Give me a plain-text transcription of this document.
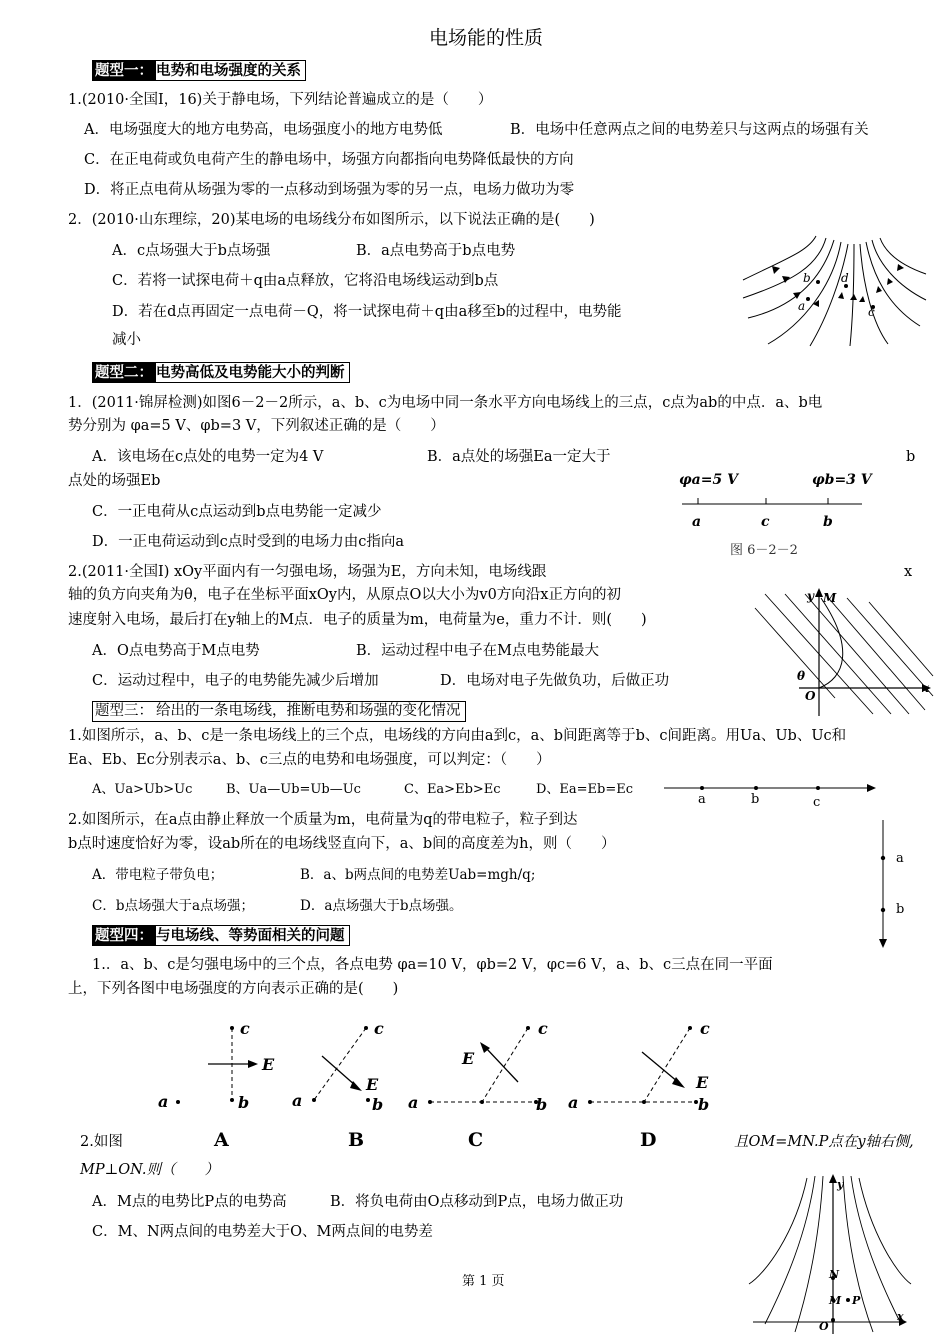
电场能的性质
题型一： 电势和电场强度的关系
1.(2010·全国Ⅰ，16)关于静电场，下列结论普遍成立的是（　　）
A．电场强度大的地方电势高，电场强度小的地方电势低	B．电场中任意两点之间的电势差只与这两点的场强有关
C．在正电荷或负电荷产生的静电场中，场强方向都指向电势降低最快的方向
D．将正点电荷从场强为零的一点移动到场强为零的另一点，电场力做功为零
2．(2010·山东理综，20)某电场的电场线分布如图所示，以下说法正确的是(　　)
A．c点场强大于b点场强	B．a点电势高于b点电势
C．若将一试探电荷＋q由a点释放，它将沿电场线运动到b点
D．若在d点再固定一点电荷－Q，将一试探电荷＋q由a移至b的过程中，电势能
减小
b	d
a	c
题型二： 电势高低及电势能大小的判断
1．(2011·锦屏检测)如图6－2－2所示，a、b、c为电场中同一条水平方向电场线上的三点，c点为ab的中点．a、b电
势分别为 φa=5 V、φb=3 V，下列叙述正确的是（　　）
A．该电场在c点处的电势一定为4 V	B．a点处的场强Ea一定大于	b
点处的场强Eb
C．一正电荷从c点运动到b点电势能一定减少
D．一正电荷运动到c点时受到的电场力由c指向a
φa=5 V	φb=3 V
a	c	b
图 6－2－2
2.(2011·全国Ⅰ) xOy平面内有一匀强电场，场强为E，方向未知，电场线跟	x
轴的负方向夹角为θ，电子在坐标平面xOy内，从原点O以大小为v0方向沿x正方向的初
速度射入电场，最后打在y轴上的M点．电子的质量为m，电荷量为e，重力不计．则(　　)
A．O点电势高于M点电势	B．运动过程中电子在M点电势能最大
C．运动过程中，电子的电势能先减少后增加	D．电场对电子先做负功，后做正功
y M
θ
O
x
题型三： 给出的一条电场线，推断电势和场强的变化情况
1.如图所示，a、b、c是一条电场线上的三个点，电场线的方向由a到c，a、b间距离等于b、c间距离。用Ua、Ub、Uc和
Ea、Eb、Ec分别表示a、b、c三点的电势和电场强度，可以判定：（　　）
A、Ua>Ub>Uc	B、Ua—Ub=Ub—Uc	C、Ea>Eb>Ec	D、Ea=Eb=Ec
a	b	c
2.如图所示，在a点由静止释放一个质量为m，电荷量为q的带电粒子，粒子到达
b点时速度恰好为零，设ab所在的电场线竖直向下，a、b间的高度差为h，则（　　）
A．带电粒子带负电；	B．a、b两点间的电势差Uab=mgh/q;
C．b点场强大于a点场强；	D．a点场强大于b点场强。
a
b
题型四： 与电场线、等势面相关的问题
1.．a、b、c是匀强电场中的三个点，各点电势 φa=10 V，φb=2 V，φc=6 V，a、b、c三点在同一平面
上，下列各图中电场强度的方向表示正确的是(　　)
c
E
a	b
A
c
E
a	b
B
c
E
a	b
C
c
E
a	b
D
2.如图	且OM=MN.P点在y轴右侧,
MP⊥ON.则（　　）
A．M点的电势比P点的电势高	B．将负电荷由O点移动到P点，电场力做正功
C．M、N两点间的电势差大于O、M两点间的电势差
y
N
M P
O
x
第 1 页
